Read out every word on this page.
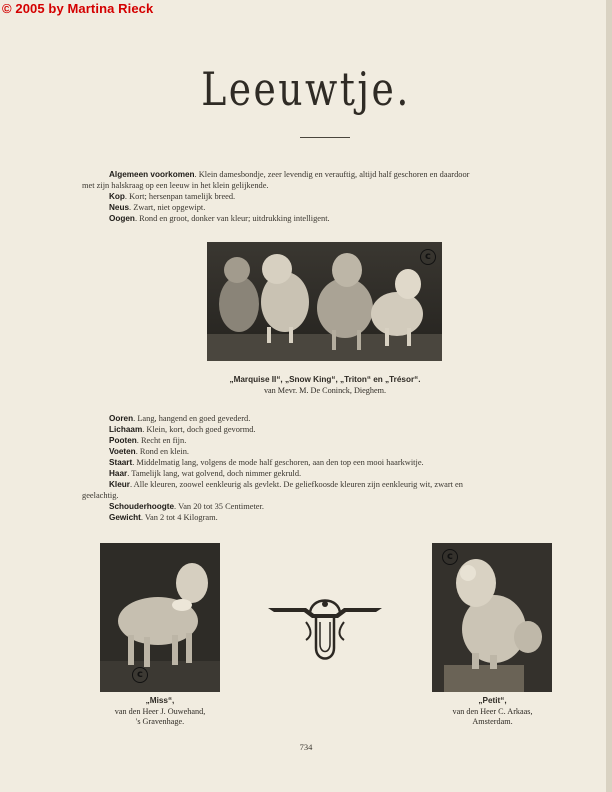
© 2005 by Martina Rieck
Leeuwtje.

Algemeen voorkomen. Klein damesbondje, zeer levendig en verauftig, altijd half geschoren en daardoor

met zijn halskraag op een leeuw in het klein gelijkende.

Kop. Kort; hersenpan tamelijk breed.

Neus. Zwart, niet opgewipt.

Oogen. Rond en groot, donker van kleur; uitdrukking intelligent.

c
„Marquise II“, „Snow King“, „Triton“ en „Trésor“.
van Mevr. M. De Coninck, Dieghem.

Ooren. Lang, hangend en goed gevederd.

Lichaam. Klein, kort, doch goed gevormd.

Pooten. Recht en fijn.

Voeten. Rond en klein.

Staart. Middelmatig lang, volgens de mode half geschoren, aan den top een mooi haarkwitje.

Haar. Tamelijk lang, wat golvend, doch nimmer gekruld.

Kleur. Alle kleuren, zoowel eenkleurig als gevlekt. De geliefkoosde kleuren zijn eenkleurig wit, zwart en

geelachtig.

Schouderhoogte. Van 20 tot 35 Centimeter.

Gewicht. Van 2 tot 4 Kilogram.

c
„Miss“,
van den Heer J. Ouwehand,
's Gravenhage.
c
„Petit“,
van den Heer C. Arkaas,
Amsterdam.
734
